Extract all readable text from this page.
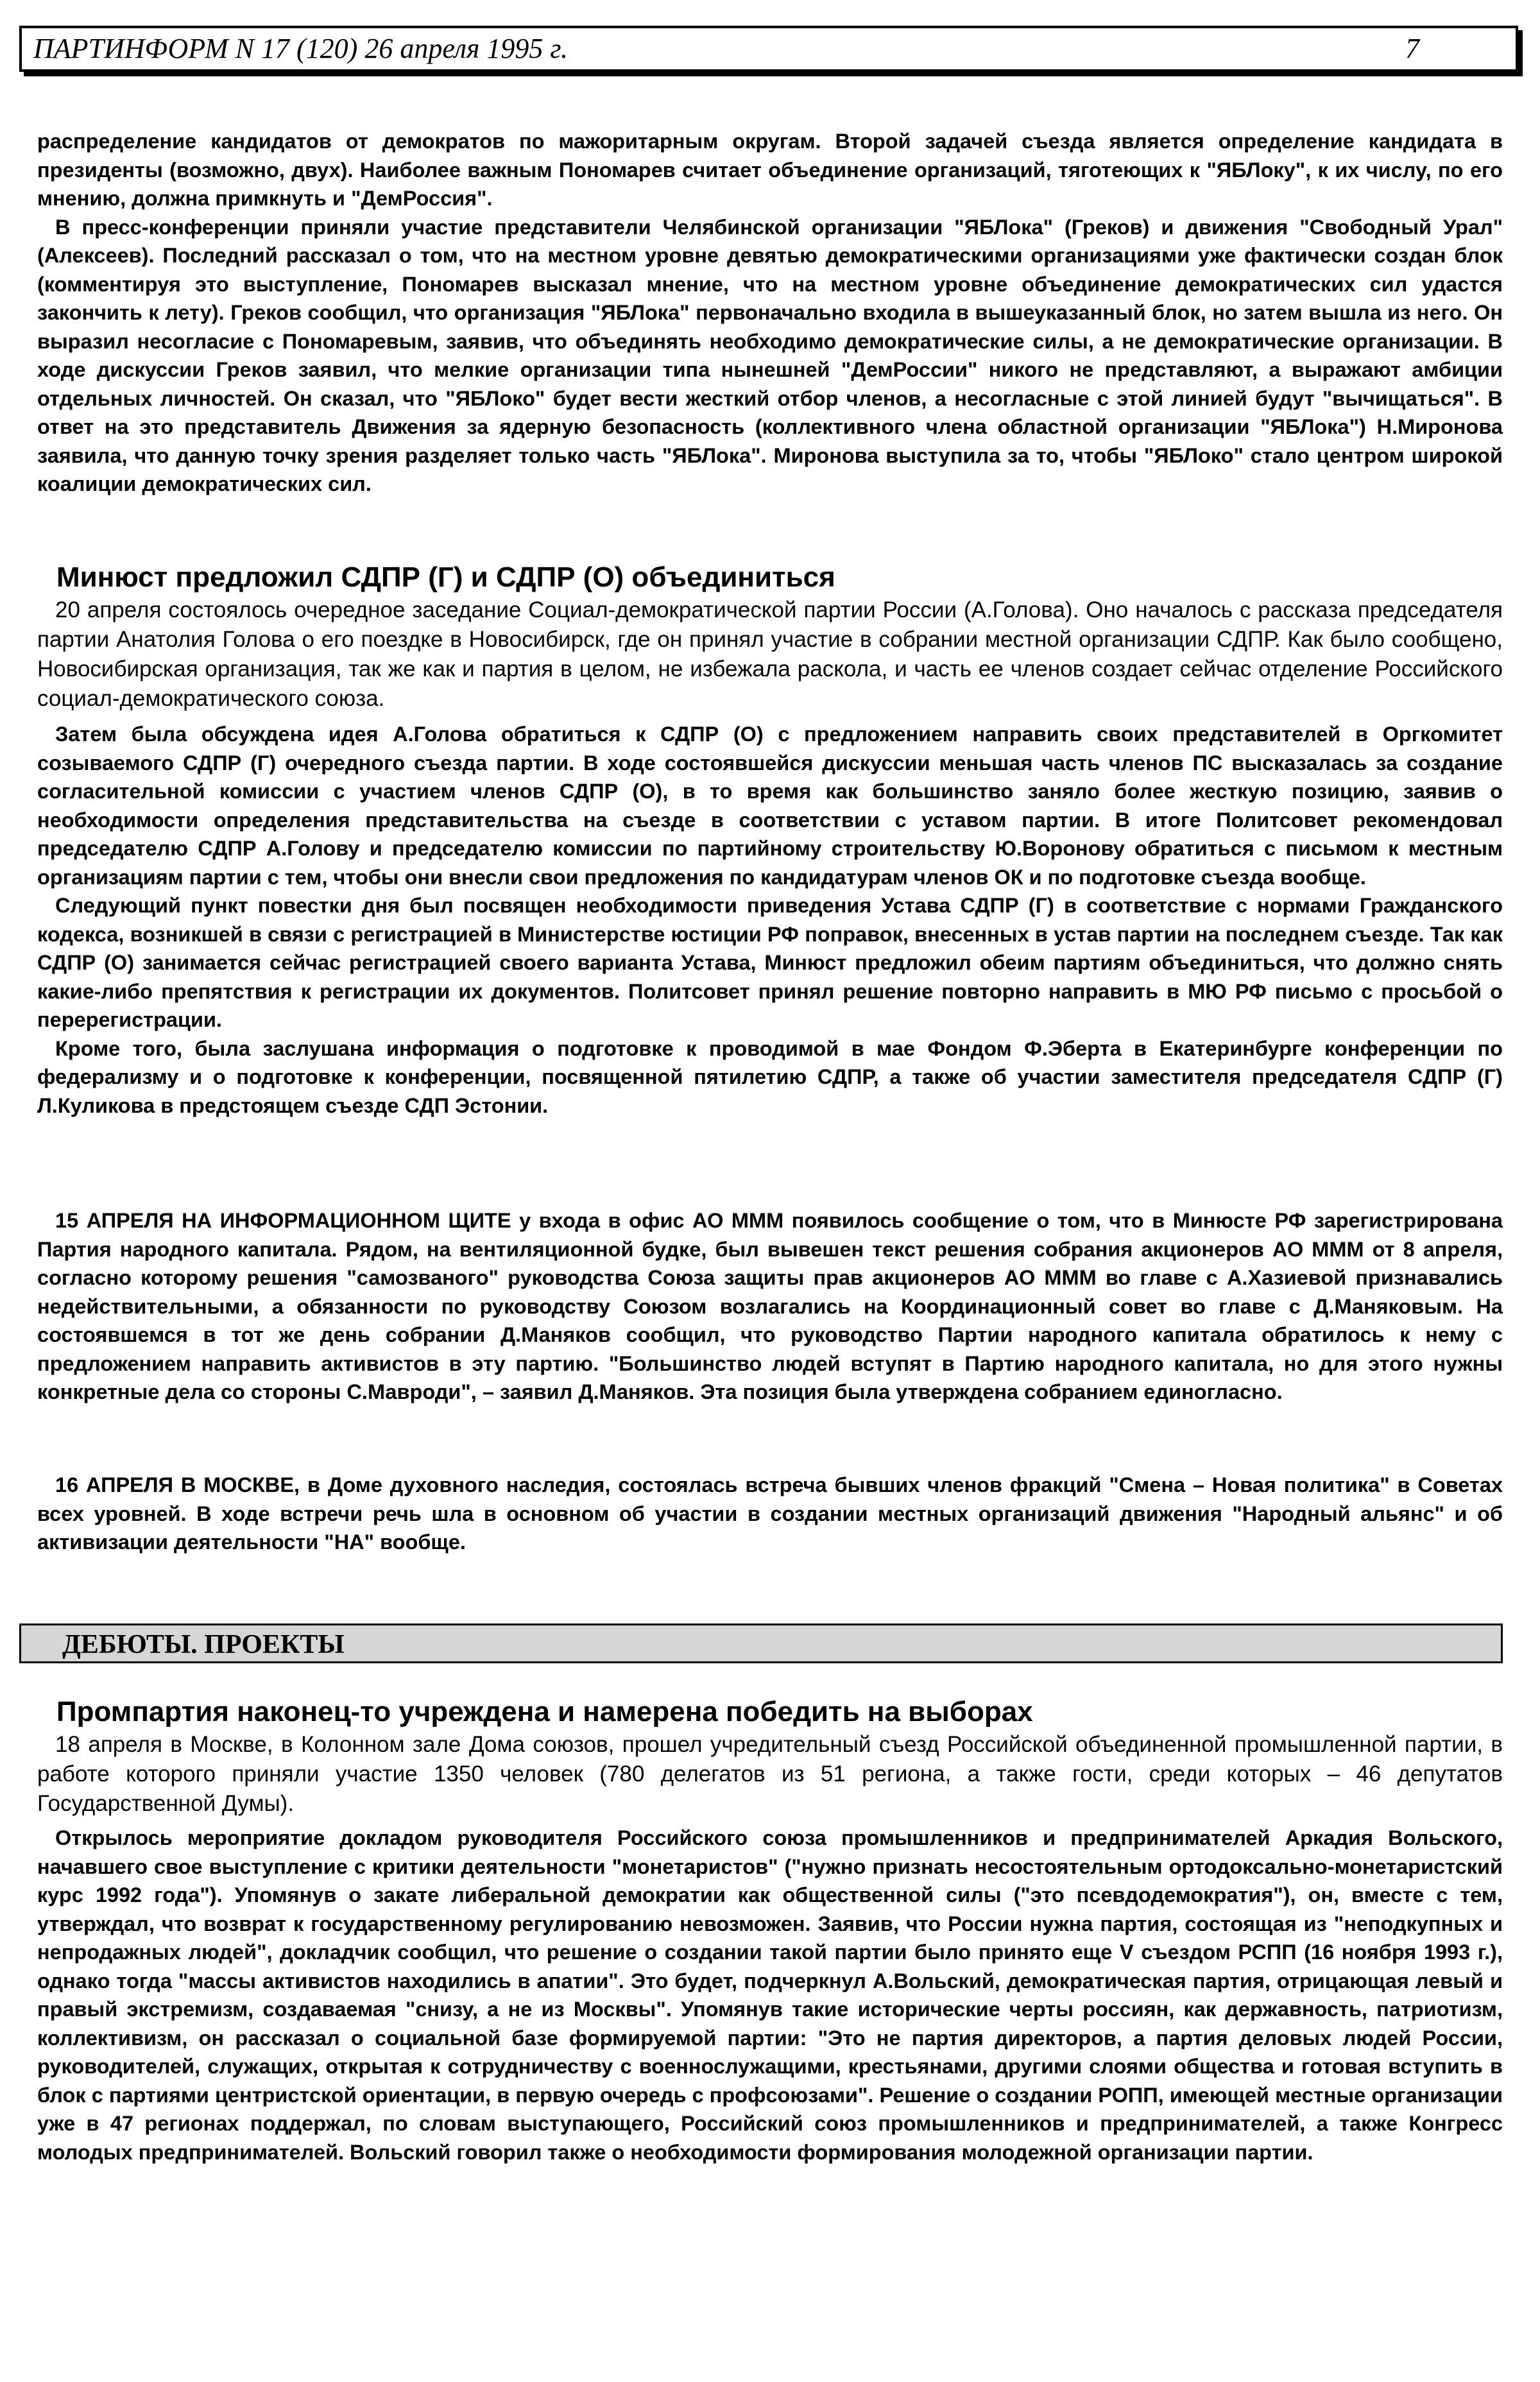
ПАРТИНФОРМ N 17 (120) 26 апреля 1995 г.	7

распределение кандидатов от демократов по мажоритарным округам. Второй задачей съезда является определение кандидата в президенты (возможно, двух). Наиболее важным Пономарев считает объединение организаций, тяготеющих к "ЯБЛоку", к их числу, по его мнению, должна примкнуть и "ДемРоссия".

В пресс-конференции приняли участие представители Челябинской организации "ЯБЛока" (Греков) и движения "Свободный Урал" (Алексеев). Последний рассказал о том, что на местном уровне девятью демократическими организациями уже фактически создан блок (комментируя это выступление, Пономарев высказал мнение, что на местном уровне объединение демократических сил удастся закончить к лету). Греков сообщил, что организация "ЯБЛока" первоначально входила в вышеуказанный блок, но затем вышла из него. Он выразил несогласие с Пономаревым, заявив, что объединять необходимо демократические силы, а не демократические организации. В ходе дискуссии Греков заявил, что мелкие организации типа нынешней "ДемРоссии" никого не представляют, а выражают амбиции отдельных личностей. Он сказал, что "ЯБЛоко" будет вести жесткий отбор членов, а несогласные с этой линией будут "вычищаться". В ответ на это представитель Движения за ядерную безопасность (коллективного члена областной организации "ЯБЛока") Н.Миронова заявила, что данную точку зрения разделяет только часть "ЯБЛока". Миронова выступила за то, чтобы "ЯБЛоко" стало центром широкой коалиции демократических сил.

Минюст предложил СДПР (Г) и СДПР (О) объединиться

20 апреля состоялось очередное заседание Социал-демократической партии России (А.Голова). Оно началось с рассказа председателя партии Анатолия Голова о его поездке в Новосибирск, где он принял участие в собрании местной организации СДПР. Как было сообщено, Новосибирская организация, так же как и партия в целом, не избежала раскола, и часть ее членов создает сейчас отделение Российского социал-демократического союза.

Затем была обсуждена идея А.Голова обратиться к СДПР (О) с предложением направить своих представителей в Оргкомитет созываемого СДПР (Г) очередного съезда партии. В ходе состоявшейся дискуссии меньшая часть членов ПС высказалась за создание согласительной комиссии с участием членов СДПР (О), в то время как большинство заняло более жесткую позицию, заявив о необходимости определения представительства на съезде в соответствии с уставом партии. В итоге Политсовет рекомендовал председателю СДПР А.Голову и председателю комиссии по партийному строительству Ю.Воронову обратиться с письмом к местным организациям партии с тем, чтобы они внесли свои предложения по кандидатурам членов ОК и по подготовке съезда вообще.

Следующий пункт повестки дня был посвящен необходимости приведения Устава СДПР (Г) в соответствие с нормами Гражданского кодекса, возникшей в связи с регистрацией в Министерстве юстиции РФ поправок, внесенных в устав партии на последнем съезде. Так как СДПР (О) занимается сейчас регистрацией своего варианта Устава, Минюст предложил обеим партиям объединиться, что должно снять какие-либо препятствия к регистрации их документов. Политсовет принял решение повторно направить в МЮ РФ письмо с просьбой о перерегистрации.

Кроме того, была заслушана информация о подготовке к проводимой в мае Фондом Ф.Эберта в Екатеринбурге конференции по федерализму и о подготовке к конференции, посвященной пятилетию СДПР, а также об участии заместителя председателя СДПР (Г) Л.Куликова в предстоящем съезде СДП Эстонии.

15 АПРЕЛЯ НА ИНФОРМАЦИОННОМ ЩИТЕ у входа в офис АО МММ появилось сообщение о том, что в Минюсте РФ зарегистрирована Партия народного капитала. Рядом, на вентиляционной будке, был вывешен текст решения собрания акционеров АО МММ от 8 апреля, согласно которому решения "самозваного" руководства Союза защиты прав акционеров АО МММ во главе с А.Хазиевой признавались недействительными, а обязанности по руководству Союзом возлагались на Координационный совет во главе с Д.Маняковым. На состоявшемся в тот же день собрании Д.Маняков сообщил, что руководство Партии народного капитала обратилось к нему с предложением направить активистов в эту партию. "Большинство людей вступят в Партию народного капитала, но для этого нужны конкретные дела со стороны С.Мавроди", – заявил Д.Маняков. Эта позиция была утверждена собранием единогласно.

16 АПРЕЛЯ В МОСКВЕ, в Доме духовного наследия, состоялась встреча бывших членов фракций "Смена – Новая политика" в Советах всех уровней. В ходе встречи речь шла в основном об участии в создании местных организаций движения "Народный альянс" и об активизации деятельности "НА" вообще.

ДЕБЮТЫ. ПРОЕКТЫ
Промпартия наконец-то учреждена и намерена победить на выборах

18 апреля в Москве, в Колонном зале Дома союзов, прошел учредительный съезд Российской объединенной промышленной партии, в работе которого приняли участие 1350 человек (780 делегатов из 51 региона, а также гости, среди которых – 46 депутатов Государственной Думы).

Открылось мероприятие докладом руководителя Российского союза промышленников и предпринимателей Аркадия Вольского, начавшего свое выступление с критики деятельности "монетаристов" ("нужно признать несостоятельным ортодоксально-монетаристский курс 1992 года"). Упомянув о закате либеральной демократии как общественной силы ("это псевдодемократия"), он, вместе с тем, утверждал, что возврат к государственному регулированию невозможен. Заявив, что России нужна партия, состоящая из "неподкупных и непродажных людей", докладчик сообщил, что решение о создании такой партии было принято еще V съездом РСПП (16 ноября 1993 г.), однако тогда "массы активистов находились в апатии". Это будет, подчеркнул А.Вольский, демократическая партия, отрицающая левый и правый экстремизм, создаваемая "снизу, а не из Москвы". Упомянув такие исторические черты россиян, как державность, патриотизм, коллективизм, он рассказал о социальной базе формируемой партии: "Это не партия директоров, а партия деловых людей России, руководителей, служащих, открытая к сотрудничеству с военнослужащими, крестьянами, другими слоями общества и готовая вступить в блок с партиями центристской ориентации, в первую очередь с профсоюзами". Решение о создании РОПП, имеющей местные организации уже в 47 регионах поддержал, по словам выступающего, Российский союз промышленников и предпринимателей, а также Конгресс молодых предпринимателей. Вольский говорил также о необходимости формирования молодежной организации партии.
